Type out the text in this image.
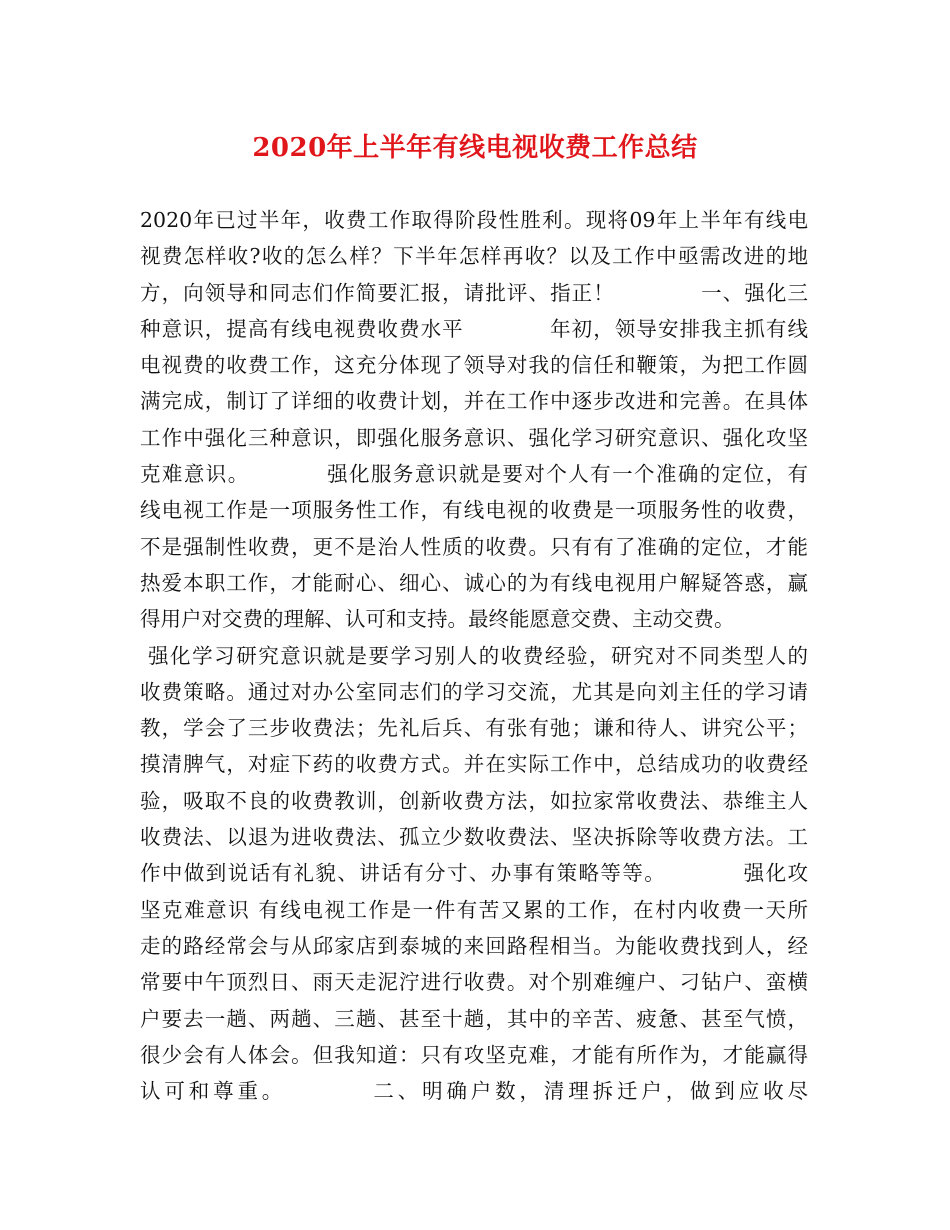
2020年上半年有线电视收费工作总结
2020年已过半年，收费工作取得阶段性胜利。现将09年上半年有线电
视费怎样收?收的怎么样？下半年怎样再收？以及工作中亟需改进的地
方，向领导和同志们作简要汇报，请批评、指正！　　　　一、强化三
种意识，提高有线电视费收费水平　　　　年初，领导安排我主抓有线
电视费的收费工作，这充分体现了领导对我的信任和鞭策，为把工作圆
满完成，制订了详细的收费计划，并在工作中逐步改进和完善。在具体
工作中强化三种意识，即强化服务意识、强化学习研究意识、强化攻坚
克难意识。　　　　强化服务意识就是要对个人有一个准确的定位，有
线电视工作是一项服务性工作，有线电视的收费是一项服务性的收费，
不是强制性收费，更不是治人性质的收费。只有有了准确的定位，才能
热爱本职工作，才能耐心、细心、诚心的为有线电视用户解疑答惑，赢
得用户对交费的理解、认可和支持。最终能愿意交费、主动交费。
强化学习研究意识就是要学习别人的收费经验，研究对不同类型人的
收费策略。通过对办公室同志们的学习交流，尤其是向刘主任的学习请
教，学会了三步收费法；先礼后兵、有张有弛；谦和待人、讲究公平；
摸清脾气，对症下药的收费方式。并在实际工作中，总结成功的收费经
验，吸取不良的收费教训，创新收费方法，如拉家常收费法、恭维主人
收费法、以退为进收费法、孤立少数收费法、坚决拆除等收费方法。工
作中做到说话有礼貌、讲话有分寸、办事有策略等等。　　　　强化攻
坚克难意识 有线电视工作是一件有苦又累的工作，在村内收费一天所
走的路经常会与从邱家店到泰城的来回路程相当。为能收费找到人，经
常要中午顶烈日、雨天走泥泞进行收费。对个别难缠户、刁钻户、蛮横
户要去一趟、两趟、三趟、甚至十趟，其中的辛苦、疲惫、甚至气愤，
很少会有人体会。但我知道：只有攻坚克难，才能有所作为，才能赢得
认可和尊重。　　　　二、明确户数，清理拆迁户，做到应收尽
